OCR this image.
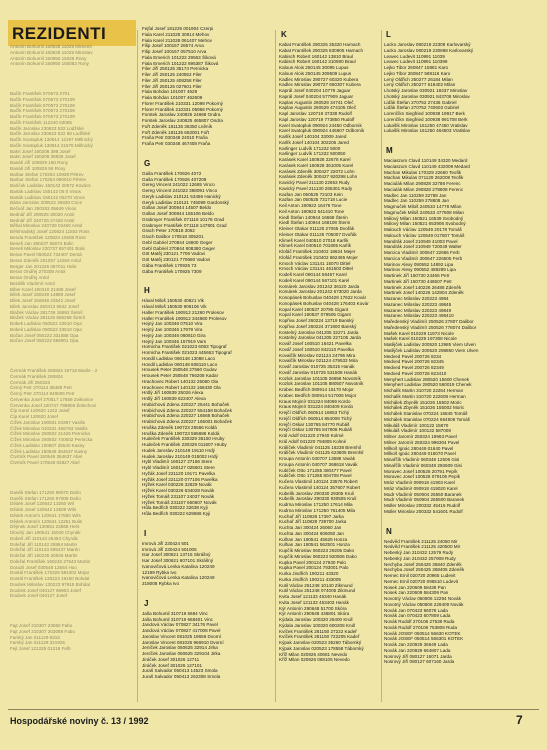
REZIDENTI
Antonín Bohumil 150928 11025 Klimenti
Antonín Bohumil 150928 11025 Mirostav
Antonín Bohumil 150950 15028 Rony
Antonín Bohumil 150950 150082 Rony
Bačík František 070573 2701
Bačík František 070573 270109
Bačík František 070573 270109
Bačík František 070573 270109
Bačík František 070573 270109
Bačík František 112240 63085
Bačík Jaroslav 230623 532 Lodžské
Bačík Jaroslav 230623 532 69 Lodžské
Bačík Svatopluk 130814 12197 Mělnický
Bačík Svatopluk 130814 21578 Mělnický
Bakri Josef 160208 398 Josef
Bakri Josef 160208 36835 Josef
Banáš Jiří 100829 160 Rony
Banáš Jiří 100829 56 Rony
Barbar Stefan 170254 10938 Pétrev
Barbar Stefan 170254 690010 Pétrev
Baríček Ladislav 150142 20572 Kovács
Barták Ladislav 150142 05 0 Vinos
Barták Ladislav 150142 05270 Vinos
Bárta Jaroslav 200522 26830 Cnce
Bečvář Jan 280263 05649 Vinos
Bednář Jiří 290825 30020 Antol
Bednář Jiří 240729 27428 Antol
Běhal Miroslav 240729 02460 Antol
Bělohradský Josef 120824 11502 Ross
Benda František 120824 10508 Ross
Beneš Jan 280237 06074 Bolic
Beneš Miloslav 220737 657401 Bolic
Beran Pavel 050522 734407 Dentá
Beran Zdeněk 201257 14250 Antol
Berger Jan 201326 067011 Hobr
Beran Ondřej 270308 Antol
Beran Ondřej Antol
Bezděk Vladimír Antol
Biber Karel 190410 21488 Josef
Bílek Josef 190249 14888 Josef
Bílek Josef 150849 23542 Josef
Bílek Jaroslav 250413 5942 Josef
Blažek Václav 281726 16892 Šetníl
Blažek Václav 281126 686268 Šetníl
Bobek Ladislav 050522 33510 Opa
Bobek Ladislav 050522 33510 Opa
Bočan Josef 050222 331688 Opa
Bočan Josef 050222 656901 Opa
Čermák František 260824 19718 Marile - 2
Čermák František 260824
Čermák Jiří 250323
Černý Petr 270114 38485 Petr
Černý Petr 270114 849006 Petr
Červenka Josef 270517 17659 Zvikovice
Červenka Josef 220747 789909 Želechovi
Číp Karel 120620 1242 Josef
Číp Karel 120620 Josef
Čížek Jaroslav 190831 04397 Vasilis
Čížek Miroslav 010331 456783 Vasilis
Čížek Miroslav 250502 21426 Pernicka
Čížek Miroslav 250502 740602 Pernicka
Čížek Ladislav 100807 25540 Kasny
Čížek Ladislav 150549 364637 Kasny
Čtvrtník Pavel 150549 364637 Abel
Čtvrtník Pavel 170548 02827 Abel
Daněk Stefan 171250 98070 Daňo
Daněk Stefan 171250 97009 Daňo
Dědek Josef 120642 13250 Wil
Dědek Josef 120642 12509 Wils
Dědek Antonín 120641 17580 Wils
Dědek Antonín 120641 12251 Bulis
Dějmek Josef 130651 23568 Hers
Dlouhý Jan 190541 15040 Chynák
Dobeš Jiří 110143 25453 Chynák
Doležal Jiří 110143 25954 Martin
Doležal Jiří 110143 695437 Martin
Doležal Jiří 160245 20546 Martin
Doležal František 160245 27543 Martin
Dorazil Josef 030548 12564 Huo
Dostál František 170326 584302 Mojar
Dostál František 130223 19150 Bohdal
Doubek Miloslav 130223 97915 Bohdal
Doubek Josef 040127 66903 Josef
Doubek Josef 040127 Josef
Fajt Josef 210307 23060 Fabo
Fajt Josef 210307 303088 Fabo
Farský Jan 011129 8315
Farský Jan 011129 321925
Fejl Josef 121225 01218 Felb
Fejfal Josef 181225 001904 Czerpi
Fiala Karel 211028 30814 Mehov
Fiala Karel 211028 061407 Mehov
Filip Josef 100157 26574 Arva
Filip Josef 100157 057510 Arva
Fiala Emerich 101222 29563 Šiková
Fiala Emerich 101222 695387 Šiková
Filer Jiří 250125 35174 Pernicka
Filer Jiří 250125 240552 Filer
Filer Jiří 250125 408258 Filer
Filer Jiří 250125 027601 Filer
Fiala Bohdan 101007 4629
Fiala Bohdan 101007 462609
Florer František 210331 12098 Pokorný
Florer František 210331 05956 Pokorný
Forstek Jaroslav 240825 24668 Ondra
Forstek Jaroslav 240825 465807 Ondra
Fořt Zdeněk 181135 36350 Lněník
Fořt Zdeněk 181135 653001 Fořt
Fraňa Petr 030348 24010 Fraňa
Fraňa Petr 030348 467408 Fraňa
G
Gaša František 170926 4072
Gaša František 170926 407209
Gereg Vincent 241022 12665 Vinco
Gereg Vincent 241022 368091 Vinco
Geryk Ladislav 210121 53456 Hanický
Geryk Ladislav 210121 745099 Gardonský
Gollan Josef 300844 14507 Beldo
Gollan Josef 300844 155106 Beldo
Grabmyer František 071118 10178 Grad
Grabmyer František 071118 147801 Grad
Grach Peter 170518 3052
Grach Dalibor 170518 305201
Gebl Gabriel 270844 16600 Geger
Gebl Gabriel 270844 808380 Geger
Göt Matěj 230121 7706 Vadovi
Göt Matěj 230121 770680 Vadovi
Gába František 170925 73
Gába František 170925 7309
H
Hával Miloš 150530 40821 Vik
Hával Miloš 150530 906106 Vik
Haller František 190912 21260 Prolesov
Haller František 190912 344980 Prolesov
Hejný Jan 100346 07510 Vira
Hejný Jan 100346 17979 Vira
Hejný Jan 100346 060610 Gira
Hejný Jan 100346 157919 Vars
Hornicha František 021023 6083 Tipograf
Hornicha František 021023 445663 Tipograf
Hondil Ladislav 060148 13088 Laco
Hondil Ladislav 060148 608110 Laco
Hrousek Peter 250548 27560 Gudav
Hrousek Peter 250548 766208 Kadar
Hrachovec Robert 140132 25060 Ola
Hrachovec Robert 140132 168430 Ola
Hrdlý Jiří 160839 25026 Alexa
Hrdlý Jiří 160839 622407 Alexa
Hrabichová Zdena 220227 25441 Bohaček
Hrabichová Zdena 220227 554158 Bohaček
Hrabichová Zdena 220227 16568 Bohaček
Hrabichová Zdena 220227 165001 Bohaček
Hruška Zdeněk 190723 25566 Koldá
Hruška Zdeněk 190723 565686 Koldá
Hudeček František 230329 35150 Hruby
Hudeček František 230329 011607 Hruby
Hudek Jaroslav 210149 19110 Hrdý
Hudek Jaroslav 210149 015002 Hrdý
Hybl Vladimír 160127 27166 Stere
Hybl Vladimír 160127 025601 Stere
Hyžák Josef 221120 19171 Pavelka
Hyžák Josef 221120 077106 Pavelka
Hýžek Karel 030226 32629 Novák
Hýžek Karel 030226 634028 Novák
Hýžek Tomáš 231107 24037 Novák
Hýžek Tomáš 231107 660607 Novák
Hůla Bedřich 030222 32638 Kyji
Hůla Bedřich 030222 629586 Kyji
I
Imrová Jiří 230424 501
Imrová Jiří 230424 501005
Isar Josef 300621 13715 Skrášný
Isar Josef 300621 607101 Skrášný
Ivanovičová Lenka Katalina 120249
12199 Rybka Ivo
Ivanovičová Lenka Katalina 120249
218008 Rybka Ivo
J
Jaša Bohumil 310719 6684 Vinc
Jaša Bohumil 310719 668401 Vinc
Jandová Václav 070827 34176 Pavel
Jandová Václav 070827 417008 Pavel
Jaroslav Vincent 081025 19656 Dvorní
Jaroslav Vincent 081025 966910 Dvorní
Jeníček Jaroslav 050625 32914 Jirka
Jeníček Jaroslav 050625 329104 Jirka
Jiráček Josef 301026 12711
Jiráček Josef 301026 127101
Juraš Salvador 050413 14523 Smola
Juraš Salvador 050413 262308 Smola
K
Kabat František 290325 35320 Harnach
Kabat František 290325 830905 Harnach
Kabisch Robert 160142 13810 Braul
Kabisch Robert 160142 310590 Braul
Kalous Alois 250145 30095 Lupus
Kalous Alois 250145 309509 Lupus
Kadlec Miroslav 290727 60320 Kubera
Kadlec Miroslav 290727 650307 Kubera
Kaprál Josef 040204 10779 Jaguar
Kaprál Josef 040204 577909 Jaguar
Kaplan Augustin 260529 34741 Oleč
Kaplan Augustin 260529 474105 Oleč
Kapl Jaroslav 120719 37338 Rudolf
Kapl Jaroslav 120719 773850 Rudolf
Karel Svatopluk 090924 24450 Odbornik
Karel Svatopluk 090924 445607 Odbornik
Karlík Josef 140104 33009 Jared
Karlík Josef 140104 302205 Jared
Karlinger Ludvík 171222 5000
Karlinger Ludvík 171222 500050
Karásek Karel 160928 22678 Karel
Karásek Karel 160928 361005 Karel
Karásek Zdeněk 300427 22072 Lohn
Karásek Zdeněk 300427 920298 Lohn
Kavický Pavel 211130 22653 Rudy
Kavický Pavel 211130 265301 Rudy
Kazlan Jan 050525 72103 Kein
Kazlan Jan 050525 731718 Lucie
Keil Anton 190922 16476 Tone
Keil Anton 190922 541410 Tone
Kiedl Štefan 140944 16668 Šterin
Kiedl Štefan 140944 168108 Šterin
Kleiner Otakar 011125 27065 Dvořák
Kleiner Otakar 011125 705007 Dvořák
Klimeš Karel 040510 27018 Karlík
Klimeš Karel 040510 701805 Karlík
Klofáč František 210402 18624 Mejer
Klofáč František 210402 862465 Mejer
Kmoch Václav 131141 15070 Dittel
Kmoch Václav 131141 461503 Dittel
Kodeš Karel 090144 56467 Karel
Kodeš Karel 090144 567101 Karel
Komárek Jaroslav 201242 36120 Jarda
Komárek Jaroslav 201242 673020 Jarda
Konopásek Bohuslav 040428 17622 Kovár
Konopásek Bohuslav 040428 176403 Kovár
Kopal Karel 190537 20795 Gigant
Kopal Karel 190537 079505 Gigant
Kopřiva Josef 260224 13719 Banský
Kopřiva Josef 260224 371900 Banský
Kostelný Jaroslav 041205 32271 Jarda
Kostelný Jaroslav 041205 227105 Jarda
Kovář Josef 160510 16421 Pavelka
Kovář Josef 160510 842110 Pavelka
Kovalčík Miroslav 021124 24795 Mira
Kovalčík Miroslav 021124 479533 Mira
Kovář Jaroslav 010725 35315 Hanák
Kovář Jaroslav 010725 531508 Hanák
Kozlok Jaroslav 101105 26858 Novotník
Kozlok Jaroslav 101105 880507 Novotník
Krabec Bedřich 080914 15170 Mojor
Krabec Bedřich 080914 517006 Mojor
Kraus Mojmír 031224 84069 Kordo
Kraus Mojmír 031224 840409 Kordo
Krejčí Oldřich 060514 16853 Tichý
Krejčí Oldřich 060514 854008 Tichý
Krejčí Oskar 130765 84770 Rubáš
Krejčí Oskar 130765 847808 Rubáš
Král Adolf 041220 27940 Kolmé
Král Adolf 041220 794805 Kolmé
Králíček Vladimír 041125 16238 Bremhil
Králíček Vladimír 041125 623805 Bremhil
Kroupa Antonín 040707 13686 Vavák
Kroupa Antonín 040707 368618 Vavák
Kubíček Otto 171255 380477 Pavel
Kubíček Otto 171255 804708 Pavel
Kučera Vlastimil 140124 23576 Robert
Kučera Vlastimil 140124 357607 Robert
Kubelík Jaroslav 290330 29305 Kruli
Kubelík Jaroslav 290330 930505 Kruli
Kudrna Miroslav 171250 17614 Mila
Kudrna Miroslav 171250 761405 Mila
Kuchař Jiří 110828 17397 Jarka
Kuchař Jiří 110828 739700 Jarka
Kuchta Jan 300424 26060 Jan
Kuchta Jan 300424 606050 Jan
Kulhan Jan 180541 45625 Honza
Kulhan Jan 180541 562501 Honza
Kupčík Miroslav 060223 29205 Dako
Kupčík Miroslav 060223 920506 Dako
Kupka Pavel 200124 27930 Palo
Kupka Pavel 200124 793001 Palo
Kurka Jindřich 190211 43320
Kurka Jindřich 190211 433005
Kutil Václav 251248 10140 Zikmund
Kutil Václav 251248 074005 Zikmund
Kvita Josef 121133 45340 Hanák
Kvita Josef 121133 453403 Hanák
Kýr Antonín 290648 51700 Skóra
Kýr Antonín 290648 436801 Skóra
Kýdala Jaroslav 100320 26400 Krull
Kýdala Jaroslav 100320 600208 Krull
Kvíček František 261150 27222 Kadeř
Kvíček František 261150 722205 Kadeř
Kýpak Jaroslav 020523 35260 Tábornký
Kýpak Jaroslav 020523 178558 Tábornký
Kříž Milan 020926 40681 Nevedo
Kříž Milan 020926 068105 Nevedo
L
Lacko Jaroslav 080219 22308 Karlovarský
Lacko Jaroslav 080219 230868 Karlovarský
Leavec Ludevit 110991 11039
Leavec Ludevit 110991 110399
Lejko Tibor 260847 15881 Karo
Lejko Tibor 260847 588116 Karo
Lený Oldřich 250277 26184 Milan
Lený Oldřich 250277 618402 Milan
Lhotský Jaroslav 030921 18437 Miroslav
Lhotský Jaroslav 030921 843708 Miroslav
Liďák Štefan 270752 27436 Gabriel
Liďák Štefan 270752 740603 Gabriel
Lorenčíkn Siegfried 100938 19917 Berk
Lorenčíkn Siegfried 100938 991708 Berk
Lukašík Miroslav 161250 47450 Vratislav
Lukašík Miroslav 161250 464503 Vratislav
M
Maciaszum Clavd 110149 34320 Medard
Maciaszum Clavd 110149 432009 Medard
Machan Mikulas 170329 22660 Teofik
Machan Mikulas 071129 262008 Teofik
Maciulák Milan 290828 32788 Ferenc
Maciulák Milan 290828 278808 Ferenc
Madlec Jan 110259 32788 Jan
Madlec Jan 110259 278808 Jan
Magmuček Miloš 240533 14778 Milan
Magmuček Miloš 240533 477808 Milan
Málový Milan 150521 16539 Svobodný
Málový Milan 150521 653906 Svobodný
Malouch Václav 120549 20178 Tomáš
Malouch Václav 120549 017807 Tomáš
Mandrák Josef 210949 41003 Pavel
Mandrák Josef 210949 720049 Walter
Marcica Vladimír 300647 22665 Ferb
Marcica Vladimír 300647 226505 Ferb
Marinov Alexy 090552 14892 Lipa
Marinov Alexy 090552 488289 Lipa
Martinek Jiří 150730 24465 Petr
Martinek Jiří 150730 446507 Petr
Martinek Josef 140226 26488 Zdeněk
Martinek Josef 140226 142804 Zdeněk
Mazanec Miloslav 220223 4984
Mazanec Miloslav 220223 49845
Mazanec Miloslav 220223 49849
Mazanec Miloslav 220223 498410
Maředenský Vladimír 250526 27807 Dalibor
Maředenský Vladimír 250526 778074 Dalibor
Mašek Karel 010229 11973 Nicole
Mašek Karel 010229 197308 Nicole
Matějček Ladislav 200520 12985 Viem Ulven
Matějček Ladislav 200520 298860 Viem Ulven
Medved Pavel 200726 8234
Medved Pavel 200726 82345
Medved Pavel 200726 82349
Medved Pavel 200726 823410
Menyhert Ladislav 280520 15600 Chenek
Menyhert Ladislav 280520 560019 Chenek
Michalík Martin 310720 22264 Herman
Michalík Martin 310720 222608 Herman
Michálek Zbyněk 151026 15502 Moric
Michálek Zbyněk 151026 155002 Moric
Michálek Stanislav 070224 16845 Tomáš
Michálek Stanislav 070224 684506 Tomáš
Mikuláš Vladimír 100122 15870
Mikuláš Vladimír 100122 587008
Milner Jaromír 250324 19963 Pavel
Milner Jaromír 250324 996304 Pavel
Mílkoš Ignác 280449 01640 Pavel
Mílkoš Ignác 280449 016070 Pavel
Minařčík Vladimír 060348 12506 Gisi
Minařčík Vladimír 060348 250609 Gisi
Moravec Josef 100526 20791 Pepík
Moravec Josef 100526 079105 Pepík
Mráz Vladimír 090918 41903 Karel
Mráz Vladimír 090918 419020 Karel
Mudr Vladimír 050904 26550 Baranek
Mudr Vladimír 050904 265500 Baranek
Müller Miroslav 200332 45416 Rudolf
Müller Miroslav 200332 541601 Rudolf
N
Nedvěd František 211125 24050 Mir
Nedvěd František 211125 420500 Mir
Nebeský Jan 210432 12579 Rudy
Nebeský Jan 210432 257908 Rudy
Nechyba Josef 250425 36840 Zdeněk
Nechyba Josef 250425 368405 Zdeněk
Nemec Emil 020720 20965 Ludevit
Nemec Emil 020720 096510 Ludevit
Nosek Jan 220609 58436 Pan
Nosek Jan 220609 584309 Pan
Novotný Václav 050806 12294 Novák
Novotný Václav 050806 229409 Novák
Novák Jan 070423 96078 Lada
Novák Jan 070423 607809 Lada
Novák Rudolf 270106 27538 Ruda
Novák Rudolf 270106 753808 Ruda
Novák JOSEF 050514 56630 KOTEK
Novák JOSEF 050514 566301 KOTEK
Novák Jan 220929 36649 Lada
Novák Jan 220929 664807 Lada
Nosrový Jiří 080127 16071 Jarda
Nosrový Jiří 080127 607160 Jarda
Hospodářské noviny č. 13 / 1992	7
